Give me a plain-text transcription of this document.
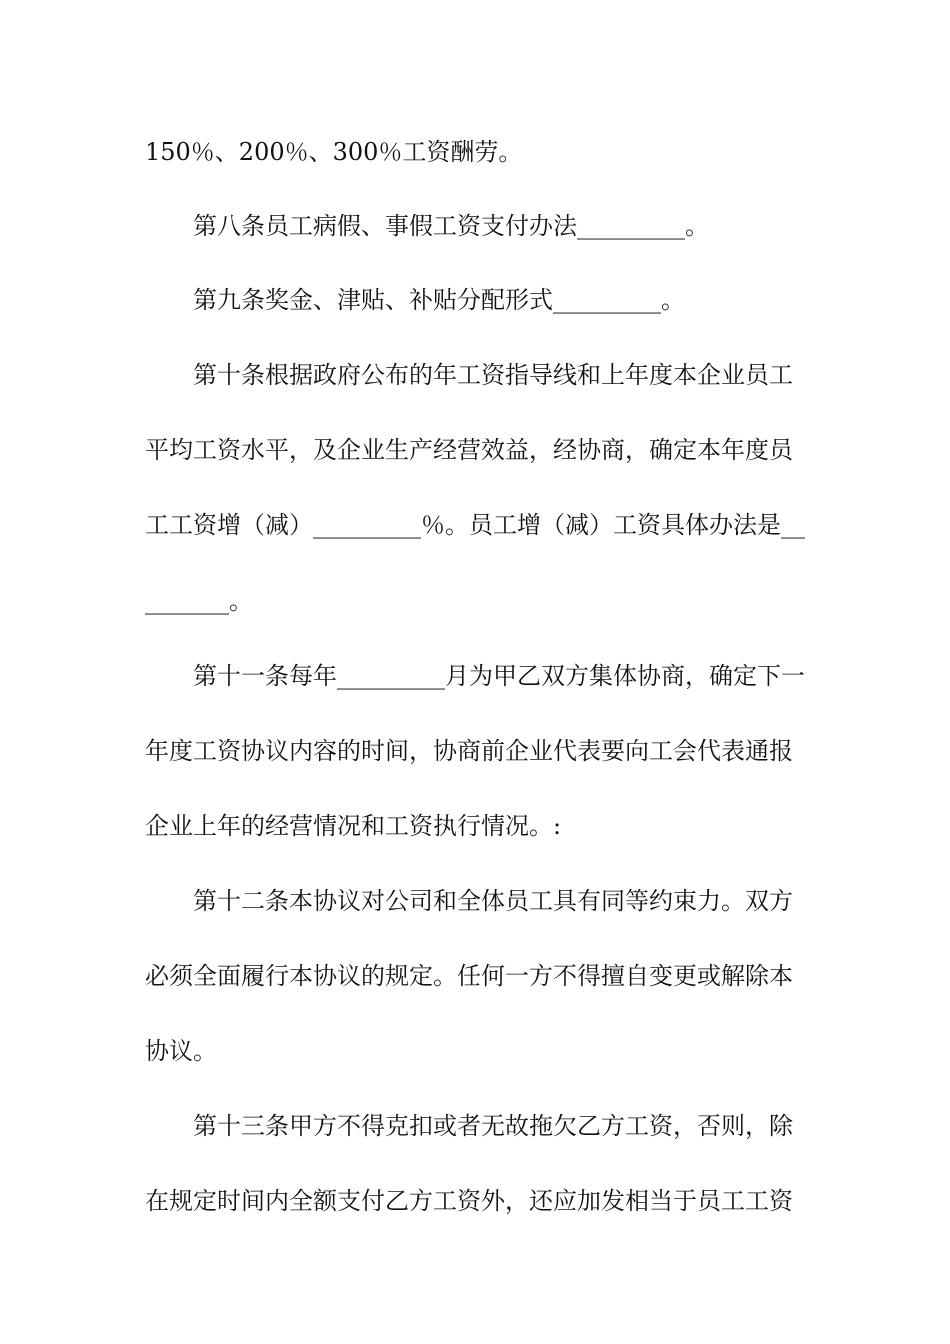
150％、200％、300％工资酬劳。
第八条员工病假、事假工资支付办法_________。
第九条奖金、津贴、补贴分配形式_________。
第十条根据政府公布的年工资指导线和上年度本企业员工
平均工资水平，及企业生产经营效益，经协商，确定本年度员
工工资增（减）_________％。员工增（减）工资具体办法是__
_______。
第十一条每年_________月为甲乙双方集体协商，确定下一
年度工资协议内容的时间，协商前企业代表要向工会代表通报
企业上年的经营情况和工资执行情况。:
第十二条本协议对公司和全体员工具有同等约束力。双方
必须全面履行本协议的规定。任何一方不得擅自变更或解除本
协议。
第十三条甲方不得克扣或者无故拖欠乙方工资，否则，除
在规定时间内全额支付乙方工资外，还应加发相当于员工工资
